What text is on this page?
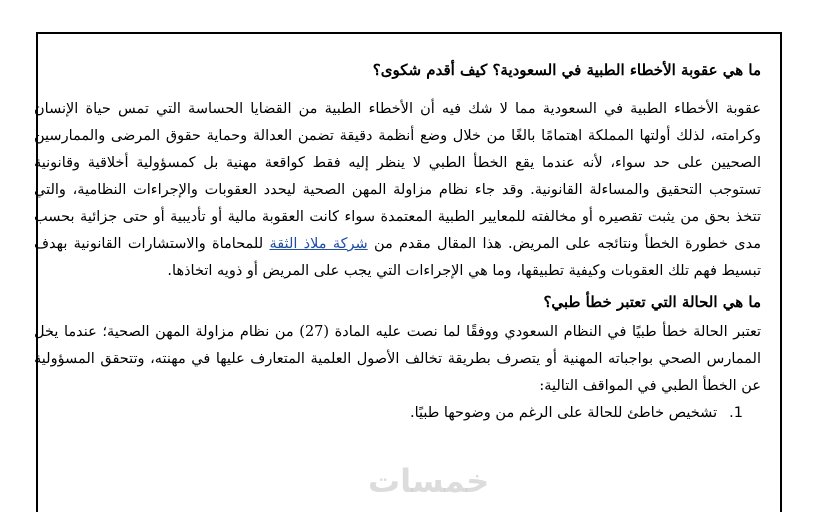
ما هي عقوبة الأخطاء الطبية في السعودية؟ كيف أقدم شكوى؟

عقوبة الأخطاء الطبية في السعودية مما لا شك فيه أن الأخطاء الطبية من القضايا الحساسة التي تمس حياة الإنسان وكرامته، لذلك أولتها المملكة اهتمامًا بالغًا من خلال وضع أنظمة دقيقة تضمن العدالة وحماية حقوق المرضى والممارسين الصحيين على حد سواء، لأنه عندما يقع الخطأ الطبي لا ينظر إليه فقط كواقعة مهنية بل كمسؤولية أخلاقية وقانونية تستوجب التحقيق والمساءلة القانونية. وقد جاء نظام مزاولة المهن الصحية ليحدد العقوبات والإجراءات النظامية، والتي تتخذ بحق من يثبت تقصيره أو مخالفته للمعايير الطبية المعتمدة سواء كانت العقوبة مالية أو تأديبية أو حتى جزائية بحسب مدى خطورة الخطأ ونتائجه على المريض. هذا المقال مقدم من شركة ملاذ الثقة للمحاماة والاستشارات القانونية بهدف تبسيط فهم تلك العقوبات وكيفية تطبيقها، وما هي الإجراءات التي يجب على المريض أو ذويه اتخاذها.

ما هي الحالة التي تعتبر خطأ طبي؟

تعتبر الحالة خطأ طبيًا في النظام السعودي ووفقًا لما نصت عليه المادة (27) من نظام مزاولة المهن الصحية؛ عندما يخل الممارس الصحي بواجباته المهنية أو يتصرف بطريقة تخالف الأصول العلمية المتعارف عليها في مهنته، وتتحقق المسؤولية عن الخطأ الطبي في المواقف التالية:

1.
تشخيص خاطئ للحالة على الرغم من وضوحها طبيًا.
خمسات
